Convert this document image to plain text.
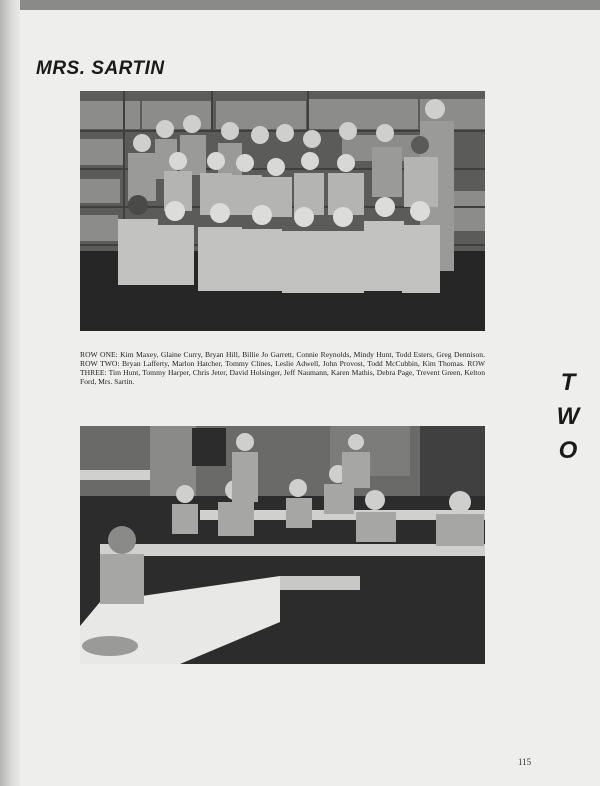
MRS. SARTIN

ROW ONE: Kim Maxey, Glaine Curry, Bryan Hill, Billie Jo Garrett, Connie Reynolds, Mindy Hunt, Todd Esters, Greg Dennison. ROW TWO: Bryan Lafferty, Marlon Hatcher, Tommy Clines, Leslie Adwell, John Provost, Todd McCubbin, Kim Thomas. ROW THREE: Tim Hunt, Tommy Harper, Chris Jeter, David Holsinger, Jeff Naumann, Karen Mathis, Debra Page, Trevent Green, Kelton Ford, Mrs. Sartin.	T
W
O
115
